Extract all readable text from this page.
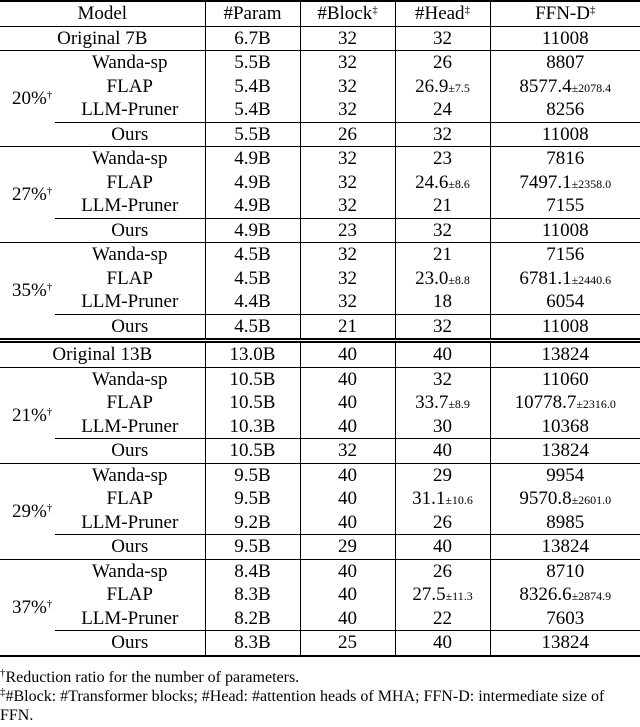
Model		#Param	#Block‡	#Head‡	FFN-D‡
Original 7B		6.7B	32	32	11008
20%†	Wanda-sp	5.5B	32	26	8807
	FLAP	5.4B	32	26.9±7.5	8577.4±2078.4
	LLM-Pruner	5.4B	32	24	8256
	Ours	5.5B	26	32	11008
27%†	Wanda-sp	4.9B	32	23	7816
	FLAP	4.9B	32	24.6±8.6	7497.1±2358.0
	LLM-Pruner	4.9B	32	21	7155
	Ours	4.9B	23	32	11008
35%†	Wanda-sp	4.5B	32	21	7156
	FLAP	4.5B	32	23.0±8.8	6781.1±2440.6
	LLM-Pruner	4.4B	32	18	6054
	Ours	4.5B	21	32	11008
Original 13B		13.0B	40	40	13824
21%†	Wanda-sp	10.5B	40	32	11060
	FLAP	10.5B	40	33.7±8.9	10778.7±2316.0
	LLM-Pruner	10.3B	40	30	10368
	Ours	10.5B	32	40	13824
29%†	Wanda-sp	9.5B	40	29	9954
	FLAP	9.5B	40	31.1±10.6	9570.8±2601.0
	LLM-Pruner	9.2B	40	26	8985
	Ours	9.5B	29	40	13824
37%†	Wanda-sp	8.4B	40	26	8710
	FLAP	8.3B	40	27.5±11.3	8326.6±2874.9
	LLM-Pruner	8.2B	40	22	7603
	Ours	8.3B	25	40	13824

†Reduction ratio for the number of parameters.

‡#Block: #Transformer blocks; #Head: #attention heads of MHA; FFN-D: intermediate size of FFN.
